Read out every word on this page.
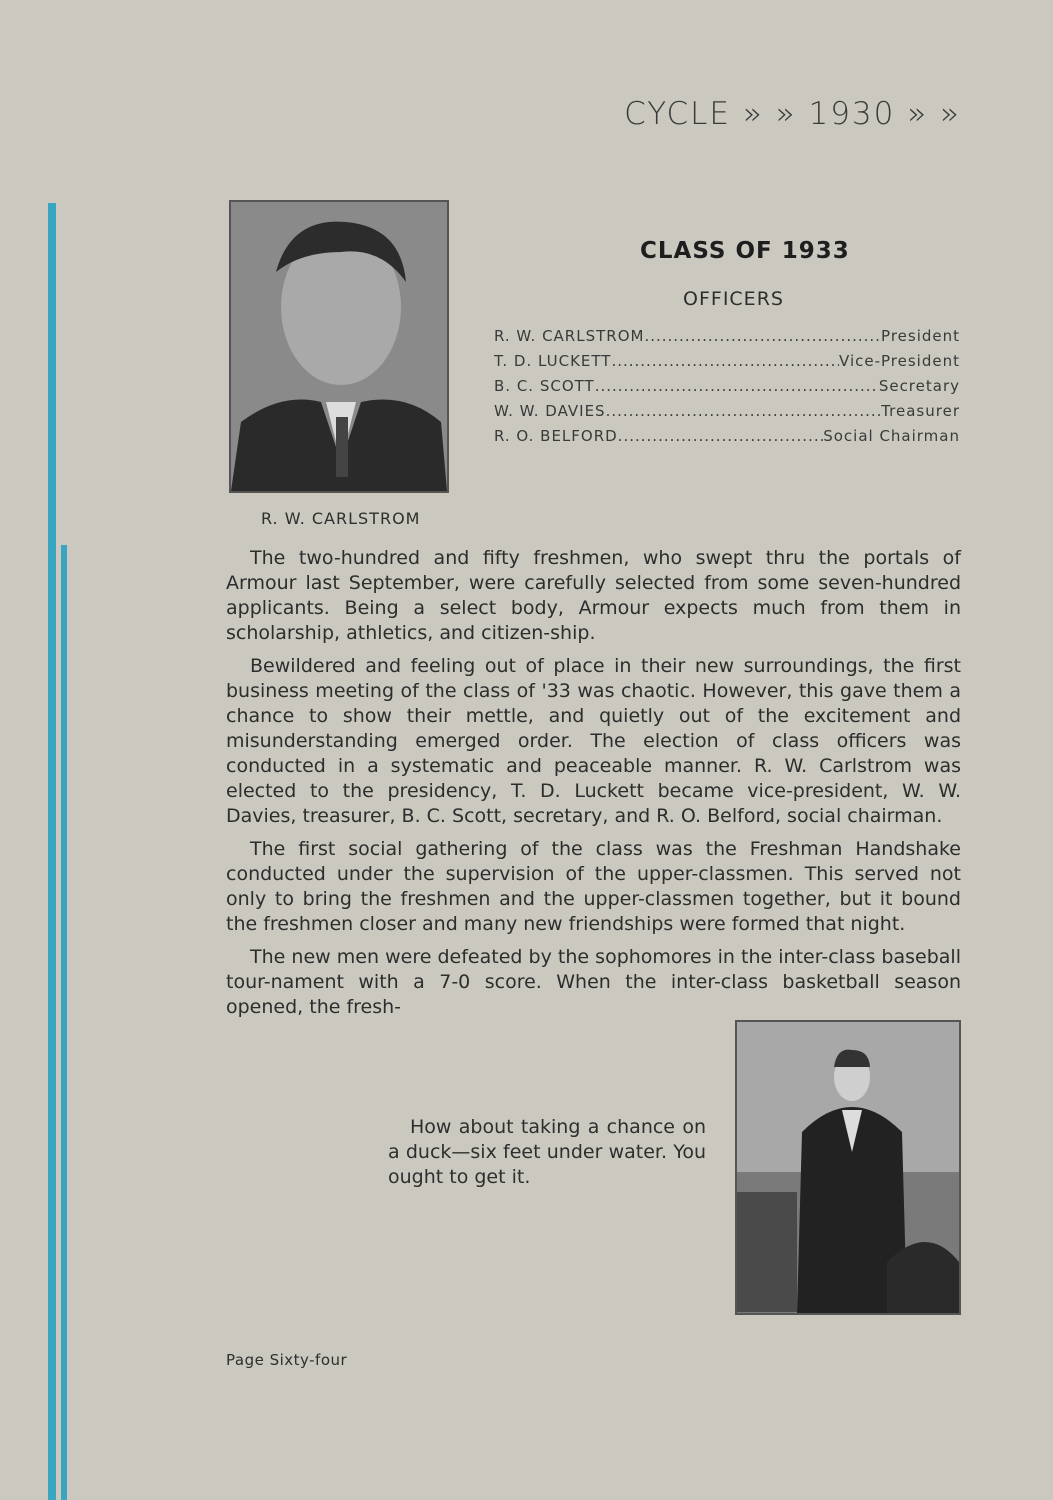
CYCLE » » 1930 » »
R. W. CARLSTROM
CLASS OF 1933
OFFICERS
R. W. CARLSTROM .....	President
T. D. LUCKETT .....	Vice-President
B. C. SCOTT .....	Secretary
W. W. DAVIES .....	Treasurer
R. O. BELFORD .....	Social Chairman

The two-hundred and fifty freshmen, who swept thru the portals of Armour last September, were carefully selected from some seven-hundred applicants. Being a select body, Armour expects much from them in scholarship, athletics, and citizen-ship.

Bewildered and feeling out of place in their new surroundings, the first business meeting of the class of '33 was chaotic. However, this gave them a chance to show their mettle, and quietly out of the excitement and misunderstanding emerged order. The election of class officers was conducted in a systematic and peaceable manner. R. W. Carlstrom was elected to the presidency, T. D. Luckett became vice-president, W. W. Davies, treasurer, B. C. Scott, secretary, and R. O. Belford, social chairman.

The first social gathering of the class was the Freshman Handshake conducted under the supervision of the upper-classmen. This served not only to bring the freshmen and the upper-classmen together, but it bound the freshmen closer and many new friendships were formed that night.

The new men were defeated by the sophomores in the inter-class baseball tour-nament with a 7-0 score. When the inter-class basketball season opened, the fresh-

How about taking a chance on a duck—six feet under water. You ought to get it.
Page Sixty-four
